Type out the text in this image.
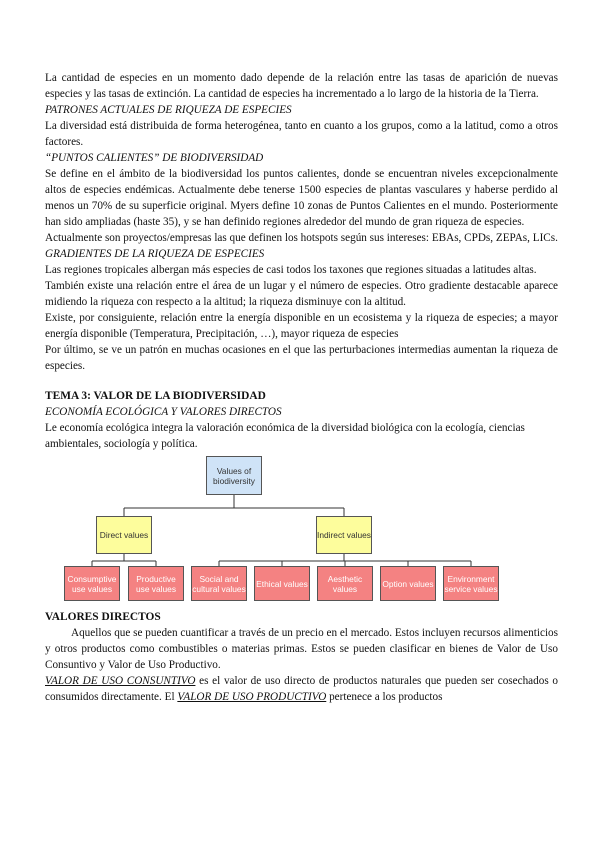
La cantidad de especies en un momento dado depende de la relación entre las tasas de aparición de nuevas especies y las tasas de extinción. La cantidad de especies ha incrementado a lo largo de la historia de la Tierra.

PATRONES ACTUALES DE RIQUEZA DE ESPECIES

La diversidad está distribuida de forma heterogénea, tanto en cuanto a los grupos, como a la latitud, como a otros factores.

“PUNTOS CALIENTES” DE BIODIVERSIDAD

Se define en el ámbito de la biodiversidad los puntos calientes, donde se encuentran niveles excepcionalmente altos de especies endémicas. Actualmente debe tenerse 1500 especies de plantas vasculares y haberse perdido al menos un 70% de su superficie original. Myers define 10 zonas de Puntos Calientes en el mundo. Posteriormente han sido ampliadas (haste 35), y se han definido regiones alrededor del mundo de gran riqueza de especies.

Actualmente son proyectos/empresas las que definen los hotspots según sus intereses: EBAs, CPDs, ZEPAs, LICs.

GRADIENTES DE LA RIQUEZA DE ESPECIES

Las regiones tropicales albergan más especies de casi todos los taxones que regiones situadas a latitudes altas.

También existe una relación entre el área de un lugar y el número de especies. Otro gradiente destacable aparece midiendo la riqueza con respecto a la altitud; la riqueza disminuye con la altitud.

Existe, por consiguiente, relación entre la energía disponible en un ecosistema y la riqueza de especies; a mayor energía disponible (Temperatura, Precipitación, …), mayor riqueza de especies

Por último, se ve un patrón en muchas ocasiones en el que las perturbaciones intermedias aumentan la riqueza de especies.

TEMA 3: VALOR DE LA BIODIVERSIDAD
ECONOMÍA ECOLÓGICA Y VALORES DIRECTOS

Le economía ecológica integra la valoración económica de la diversidad biológica con la ecología, ciencias ambientales, sociología y política.

Values of biodiversity
Direct values	Indirect values
Consumptive use values
Productive use values
Social and cultural values Ethical values	Aesthetic values	Option values	Environment service values
VALORES DIRECTOS

Aquellos que se pueden cuantificar a través de un precio en el mercado. Estos incluyen recursos alimenticios y otros productos como combustibles o materias primas. Estos se pueden clasificar en bienes de Valor de Uso Consuntivo y Valor de Uso Productivo.

VALOR DE USO CONSUNTIVO es el valor de uso directo de productos naturales que pueden ser cosechados o consumidos directamente. El VALOR DE USO PRODUCTIVO pertenece a los productos
